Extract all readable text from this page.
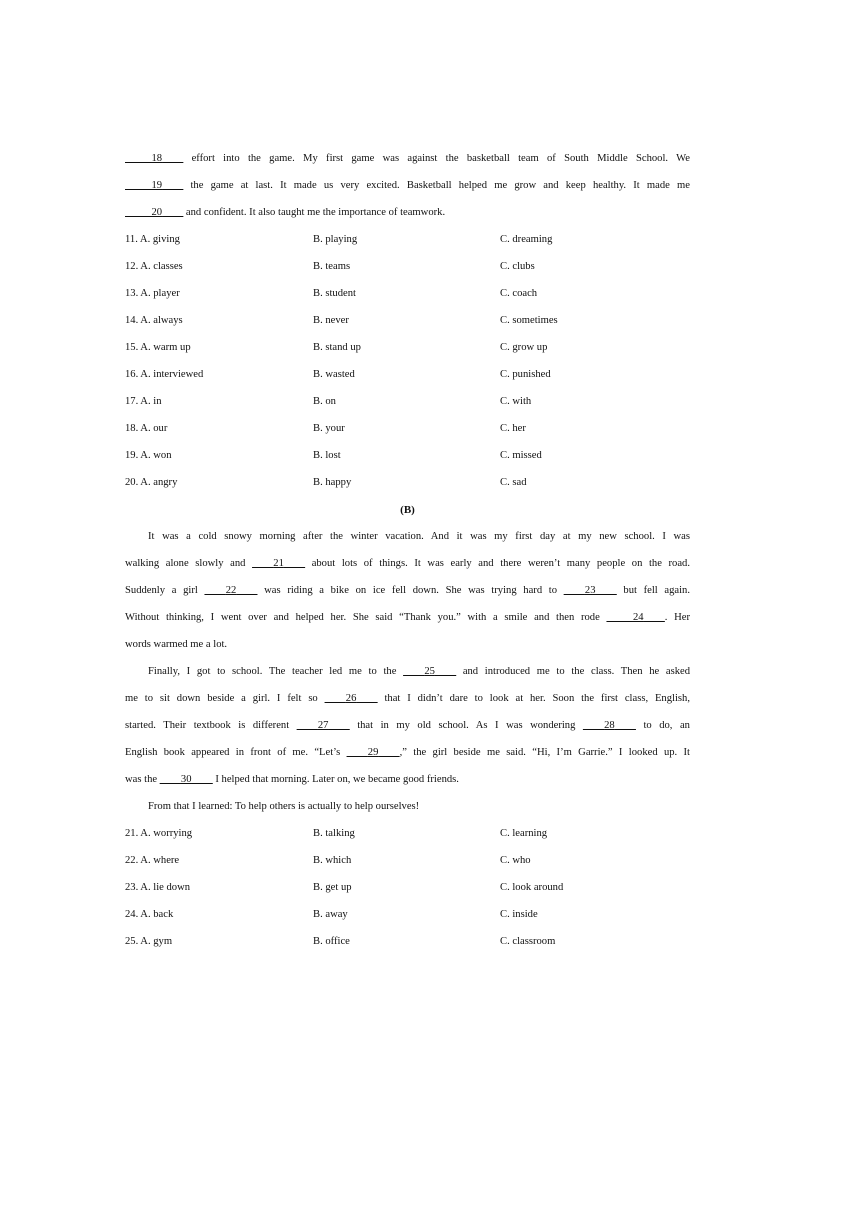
_____18____ effort into the game. My first game was against the basketball team of South Middle School. We
_____19____ the game at last. It made us very excited. Basketball helped me grow and keep healthy. It made me
_____20____ and confident. It also taught me the importance of teamwork.
11. A. giving	B. playing	C. dreaming
12. A. classes	B. teams	C. clubs
13. A. player	B. student	C. coach
14. A. always	B. never	C. sometimes
15. A. warm up	B. stand up	C. grow up
16. A. interviewed	B. wasted	C. punished
17. A. in	B. on	C. with
18. A. our	B. your	C. her
19. A. won	B. lost	C. missed
20. A. angry	B. happy	C. sad
(B)
It was a cold snowy morning after the winter vacation. And it was my first day at my new school. I was
walking alone slowly and ____21____ about lots of things. It was early and there weren’t many people on the road.
Suddenly a girl ____22____ was riding a bike on ice fell down. She was trying hard to ____23____ but fell again.
Without thinking, I went over and helped her. She said “Thank you.” with a smile and then rode _____24____. Her
words warmed me a lot.
Finally, I got to school. The teacher led me to the ____25____ and introduced me to the class. Then he asked
me to sit down beside a girl. I felt so ____26____ that I didn’t dare to look at her. Soon the first class, English,
started. Their textbook is different ____27____ that in my old school. As I was wondering ____28____ to do, an
English book appeared in front of me. “Let’s ____29____,” the girl beside me said. “Hi, I’m Garrie.” I looked up. It
was the ____30____ I helped that morning. Later on, we became good friends.
From that I learned: To help others is actually to help ourselves!
21. A. worrying	B. talking	C. learning
22. A. where	B. which	C. who
23. A. lie down	B. get up	C. look around
24. A. back	B. away	C. inside
25. A. gym	B. office	C. classroom
